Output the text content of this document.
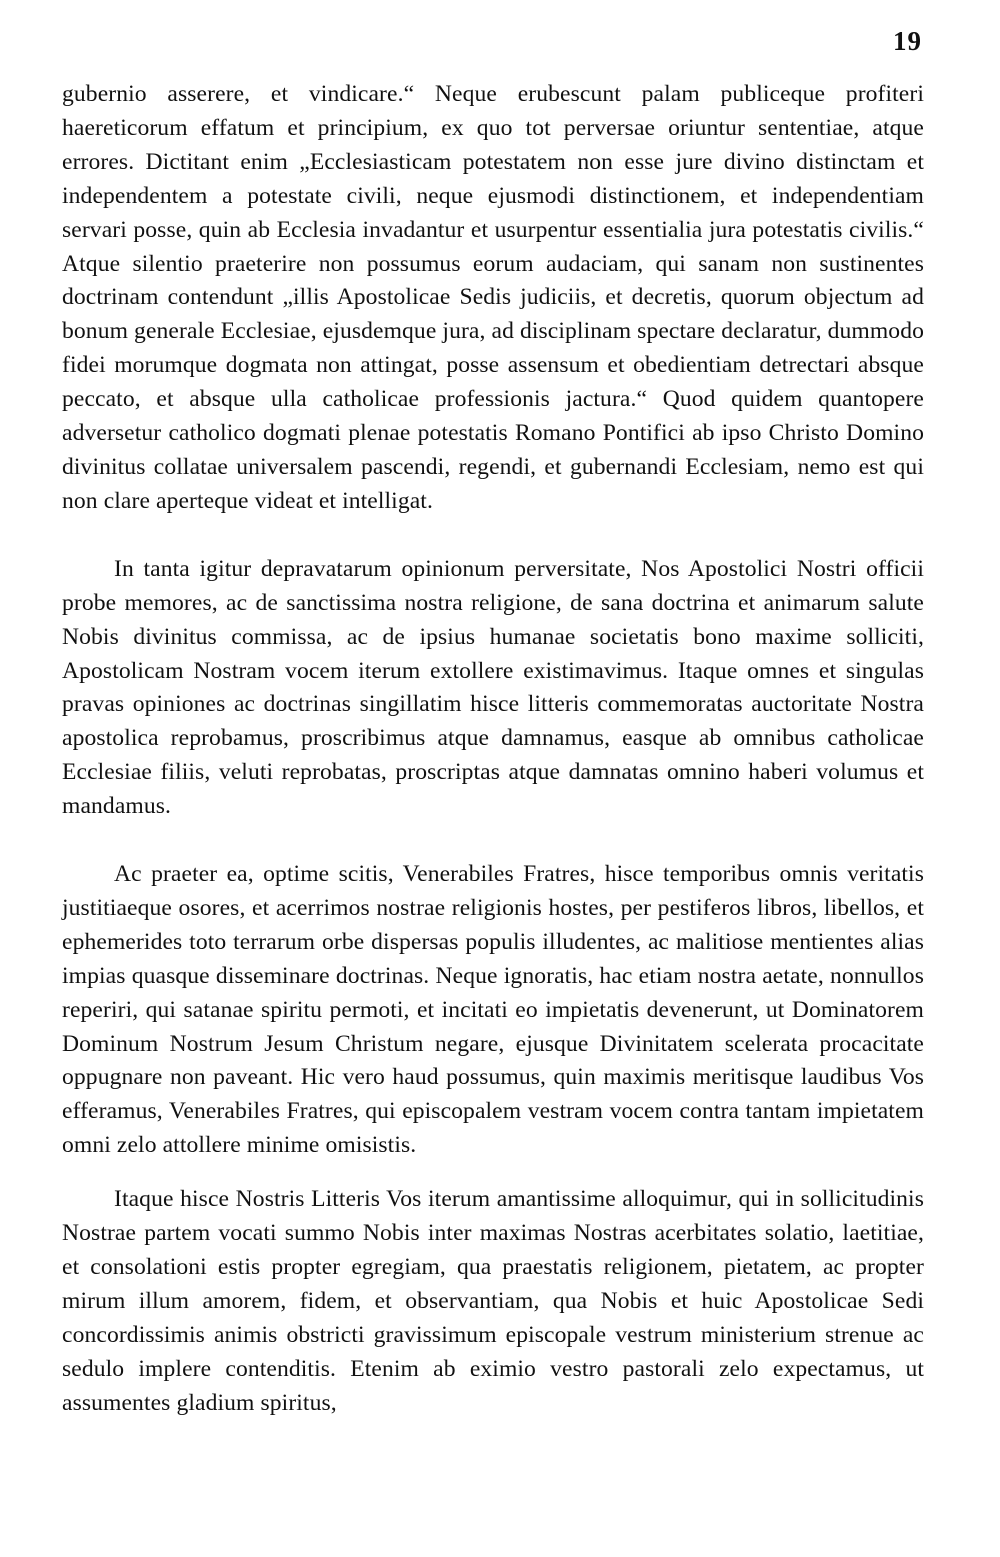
19

gubernio asserere, et vindicare.“ Neque erubescunt palam publiceque profiteri haereticorum effatum et principium, ex quo tot perversae oriuntur sententiae, atque errores. Dictitant enim „Ecclesiasticam potestatem non esse jure divino distinctam et independentem a potestate civili, neque ejusmodi distinctionem, et independentiam servari posse, quin ab Ecclesia invadantur et usurpentur essentialia jura potestatis civilis.“ Atque silentio praeterire non possumus eorum audaciam, qui sanam non sustinentes doctrinam contendunt „illis Apostolicae Sedis judiciis, et decretis, quorum objectum ad bonum generale Ecclesiae, ejusdemque jura, ad disciplinam spectare declaratur, dummodo fidei morumque dogmata non attingat, posse assensum et obedientiam detrectari absque peccato, et absque ulla catholicae professionis jactura.“ Quod quidem quantopere adversetur catholico dogmati plenae potestatis Romano Pontifici ab ipso Christo Domino divinitus collatae universalem pascendi, regendi, et gubernandi Ecclesiam, nemo est qui non clare aperteque videat et intelligat.

In tanta igitur depravatarum opinionum perversitate, Nos Apostolici Nostri officii probe memores, ac de sanctissima nostra religione, de sana doctrina et animarum salute Nobis divinitus commissa, ac de ipsius humanae societatis bono maxime solliciti, Apostolicam Nostram vocem iterum extollere existimavimus. Itaque omnes et singulas pravas opiniones ac doctrinas singillatim hisce litteris commemoratas auctoritate Nostra apostolica reprobamus, proscribimus atque damnamus, easque ab omnibus catholicae Ecclesiae filiis, veluti reprobatas, proscriptas atque damnatas omnino haberi volumus et mandamus.

Ac praeter ea, optime scitis, Venerabiles Fratres, hisce temporibus omnis veritatis justitiaeque osores, et acerrimos nostrae religionis hostes, per pestiferos libros, libellos, et ephemerides toto terrarum orbe dispersas populis illudentes, ac malitiose mentientes alias impias quasque disseminare doctrinas. Neque ignoratis, hac etiam nostra aetate, nonnullos reperiri, qui satanae spiritu permoti, et incitati eo impietatis devenerunt, ut Dominatorem Dominum Nostrum Jesum Christum negare, ejusque Divinitatem scelerata procacitate oppugnare non paveant. Hic vero haud possumus, quin maximis meritisque laudibus Vos efferamus, Venerabiles Fratres, qui episcopalem vestram vocem contra tantam impietatem omni zelo attollere minime omisistis.

Itaque hisce Nostris Litteris Vos iterum amantissime alloquimur, qui in sollicitudinis Nostrae partem vocati summo Nobis inter maximas Nostras acerbitates solatio, laetitiae, et consolationi estis propter egregiam, qua praestatis religionem, pietatem, ac propter mirum illum amorem, fidem, et observantiam, qua Nobis et huic Apostolicae Sedi concordissimis animis obstricti gravissimum episcopale vestrum ministerium strenue ac sedulo implere contenditis. Etenim ab eximio vestro pastorali zelo expectamus, ut assumentes gladium spiritus,
